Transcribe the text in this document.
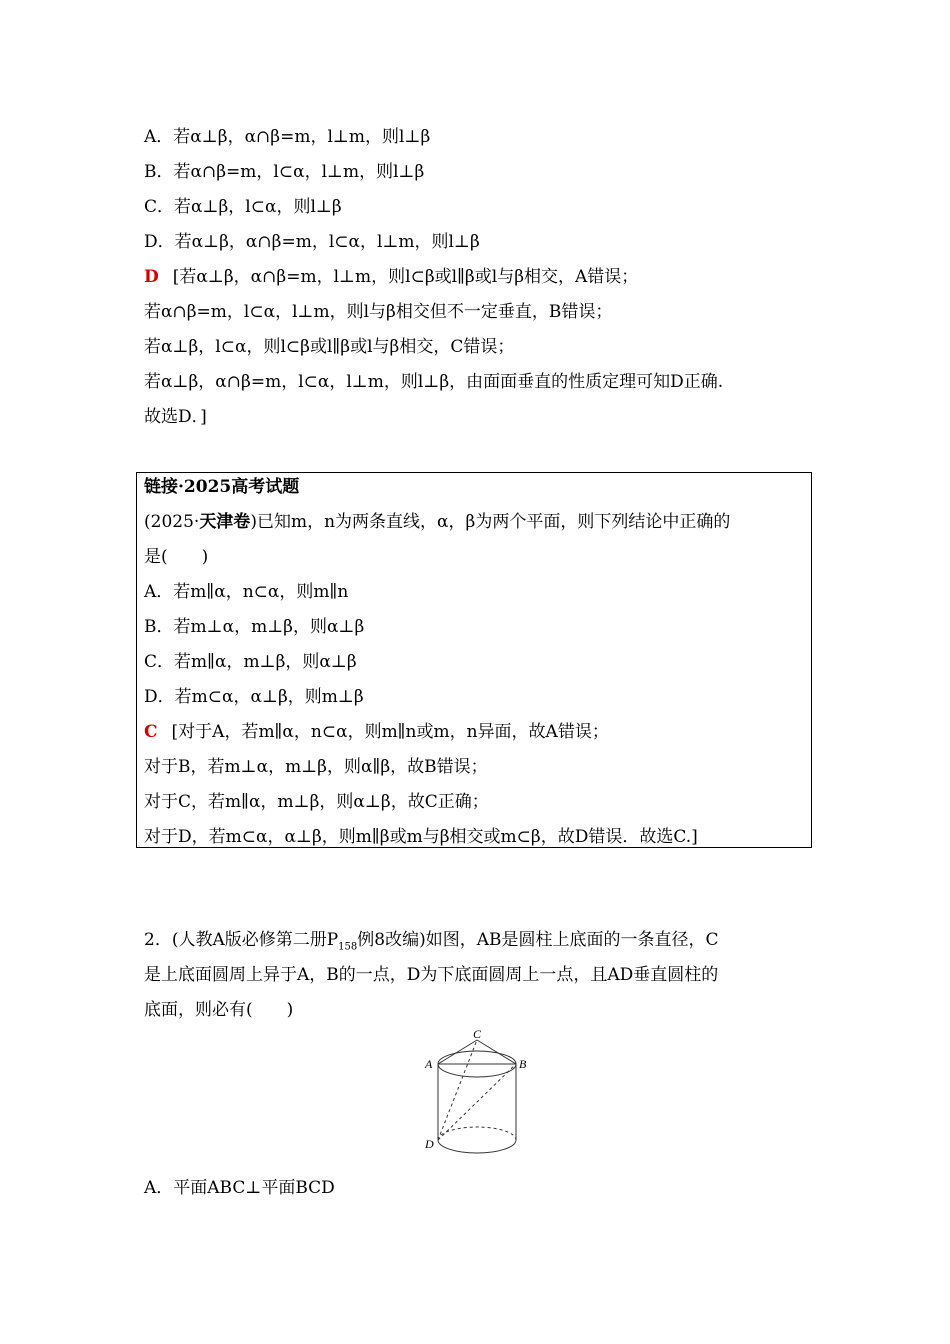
A．若α⊥β，α∩β=m，l⊥m，则l⊥β
B．若α∩β=m，l⊂α，l⊥m，则l⊥β
C．若α⊥β，l⊂α，则l⊥β
D．若α⊥β，α∩β=m，l⊂α，l⊥m，则l⊥β
D [若α⊥β，α∩β=m，l⊥m，则l⊂β或l∥β或l与β相交，A错误；
若α∩β=m，l⊂α，l⊥m，则l与β相交但不一定垂直，B错误；
若α⊥β，l⊂α，则l⊂β或l∥β或l与β相交，C错误；
若α⊥β，α∩β=m，l⊂α，l⊥m，则l⊥β，由面面垂直的性质定理可知D正确.
故选D．]
链接·2025高考试题
(2025·天津卷)已知m，n为两条直线，α，β为两个平面，则下列结论中正确的
是(　　)
A．若m∥α，n⊂α，则m∥n
B．若m⊥α，m⊥β，则α⊥β
C．若m∥α，m⊥β，则α⊥β
D．若m⊂α，α⊥β，则m⊥β
C [对于A，若m∥α，n⊂α，则m∥n或m，n异面，故A错误；
对于B，若m⊥α，m⊥β，则α∥β，故B错误；
对于C，若m∥α，m⊥β，则α⊥β，故C正确；
对于D，若m⊂α，α⊥β，则m∥β或m与β相交或m⊂β，故D错误．故选C.]
2．(人教A版必修第二册$P_{158}$例8改编)如图，AB是圆柱上底面的一条直径，C
是上底面圆周上异于A，B的一点，D为下底面圆周上一点，且AD垂直圆柱的
底面，则必有(　　)
C
A	B
D
A．平面ABC⊥平面BCD
